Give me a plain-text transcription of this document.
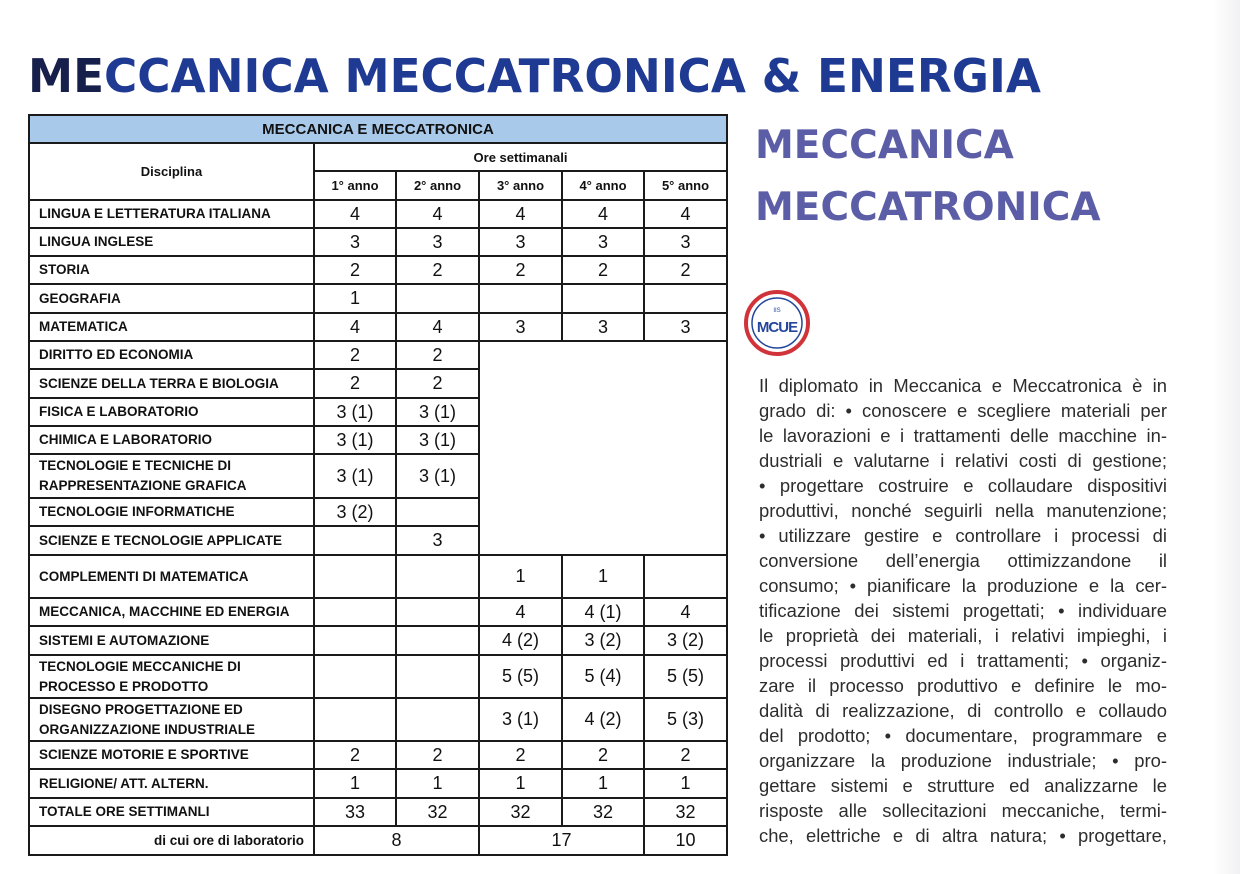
MECCANICA MECCATRONICA & ENERGIA
MECCANICA E MECCATRONICA					
Disciplina	Ore settimanali				
	1° anno	2° anno	3° anno	4° anno	5° anno
LINGUA E LETTERATURA ITALIANA	4	4	4	4	4
LINGUA INGLESE	3	3	3	3	3
STORIA	2	2	2	2	2
GEOGRAFIA	1				
MATEMATICA	4	4	3	3	3
DIRITTO ED ECONOMIA	2	2			
SCIENZE DELLA TERRA E BIOLOGIA	2	2			
FISICA E LABORATORIO	3 (1)	3 (1)			
CHIMICA E LABORATORIO	3 (1)	3 (1)			
TECNOLOGIE E TECNICHE DI
RAPPRESENTAZIONE GRAFICA	3 (1)	3 (1)			
TECNOLOGIE INFORMATICHE	3 (2)				
SCIENZE E TECNOLOGIE APPLICATE		3			
COMPLEMENTI DI MATEMATICA			1	1	
MECCANICA, MACCHINE ED ENERGIA			4	4 (1)	4
SISTEMI E AUTOMAZIONE			4 (2)	3 (2)	3 (2)
TECNOLOGIE MECCANICHE DI
PROCESSO E PRODOTTO			5 (5)	5 (4)	5 (5)
DISEGNO PROGETTAZIONE ED
ORGANIZZAZIONE INDUSTRIALE			3 (1)	4 (2)	5 (3)
SCIENZE MOTORIE E SPORTIVE	2	2	2	2	2
RELIGIONE/ ATT. ALTERN.	1	1	1	1	1
TOTALE ORE SETTIMANLI	33	32	32	32	32
di cui ore di laboratorio	8		17		10
MECCANICA
MECCATRONICA
IIS
MCUE
Il diplomato in Meccanica e Meccatronica è in
grado di: • conoscere e scegliere materiali per
le lavorazioni e i trattamenti delle macchine in-
dustriali e valutarne i relativi costi di gestione;
• progettare costruire e collaudare dispositivi
produttivi, nonché seguirli nella manutenzione;
• utilizzare gestire e controllare i processi di
conversione dell’energia ottimizzandone il
consumo; • pianificare la produzione e la cer-
tificazione dei sistemi progettati; • individuare
le proprietà dei materiali, i relativi impieghi, i
processi produttivi ed i trattamenti; • organiz-
zare il processo produttivo e definire le mo-
dalità di realizzazione, di controllo e collaudo
del prodotto; • documentare, programmare e
organizzare la produzione industriale; • pro-
gettare sistemi e strutture ed analizzarne le
risposte alle sollecitazioni meccaniche, termi-
che, elettriche e di altra natura; • progettare,
